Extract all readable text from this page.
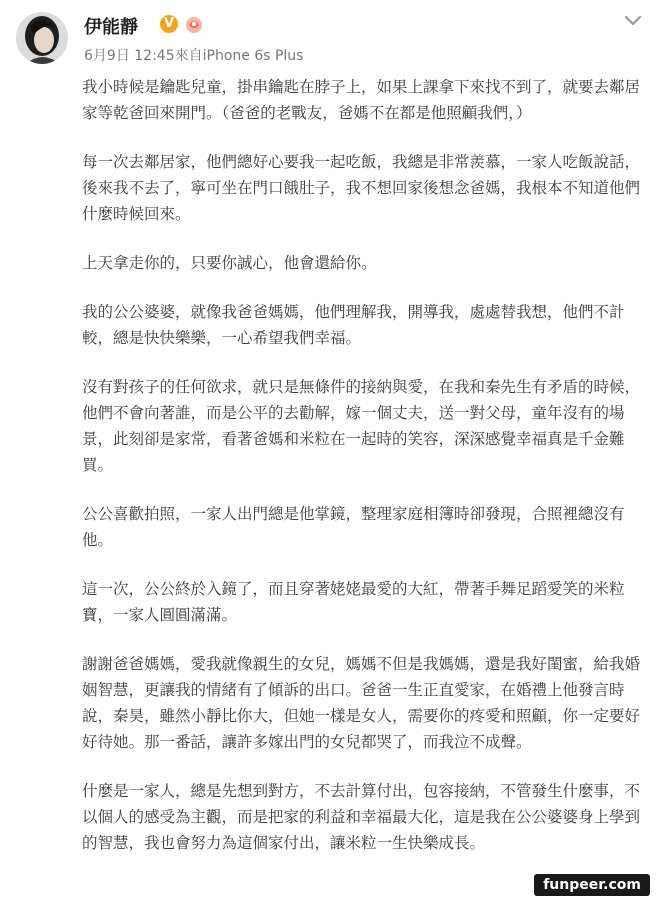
伊能靜	V
6月9日 12:45來自iPhone 6s Plus

我小時候是鑰匙兒童，掛串鑰匙在脖子上，如果上課拿下來找不到了，就要去鄰居家等乾爸回來開門。（爸爸的老戰友，爸媽不在都是他照顧我們，）

每一次去鄰居家，他們總好心要我一起吃飯，我總是非常羨慕，一家人吃飯說話，後來我不去了，寧可坐在門口餓肚子，我不想回家後想念爸媽，我根本不知道他們什麼時候回來。

上天拿走你的，只要你誠心，他會還給你。

我的公公婆婆，就像我爸爸媽媽，他們理解我，開導我，處處替我想，他們不計較，總是快快樂樂，一心希望我們幸福。

沒有對孩子的任何欲求，就只是無條件的接納與愛，在我和秦先生有矛盾的時候，他們不會向著誰，而是公平的去勸解，嫁一個丈夫，送一對父母，童年沒有的場景，此刻卻是家常，看著爸媽和米粒在一起時的笑容，深深感覺幸福真是千金難買。

公公喜歡拍照，一家人出門總是他掌鏡，整理家庭相簿時卻發現，合照裡總沒有他。

這一次，公公終於入鏡了，而且穿著姥姥最愛的大紅，帶著手舞足蹈愛笑的米粒寶，一家人圓圓滿滿。

謝謝爸爸媽媽，愛我就像親生的女兒，媽媽不但是我媽媽，還是我好閨蜜，給我婚姻智慧，更讓我的情緒有了傾訴的出口。爸爸一生正直愛家，在婚禮上他發言時說，秦昊，雖然小靜比你大，但她一樣是女人，需要你的疼愛和照顧，你一定要好好待她。那一番話，讓許多嫁出門的女兒都哭了，而我泣不成聲。

什麼是一家人，總是先想到對方，不去計算付出，包容接納，不管發生什麼事，不以個人的感受為主觀，而是把家的利益和幸福最大化，這是我在公公婆婆身上學到的智慧，我也會努力為這個家付出，讓米粒一生快樂成長。

funpeer.com
